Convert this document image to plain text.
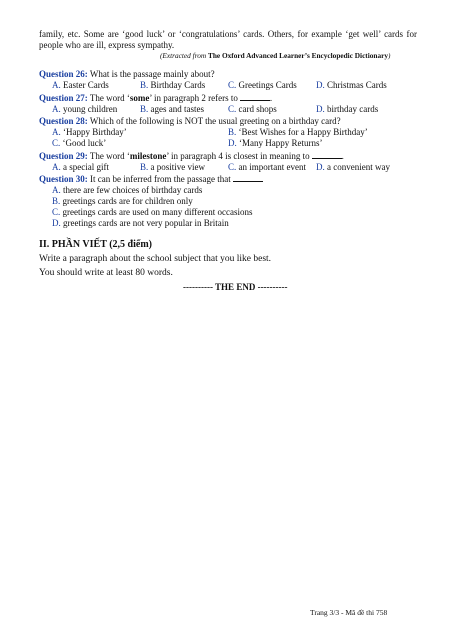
family, etc. Some are ‘good luck’ or ‘congratulations’ cards. Others, for example ‘get well’ cards for people who are ill, express sympathy.
(Extracted from The Oxford Advanced Learner’s Encyclopedic Dictionary)
Question 26: What is the passage mainly about?
A. Easter Cards	B. Birthday Cards	C. Greetings Cards D. Christmas Cards
Question 27: The word ‘some’ in paragraph 2 refers to	.
A. young children	B. ages and tastes	C. card shops	D. birthday cards
Question 28: Which of the following is NOT the usual greeting on a birthday card?
A. ‘Happy Birthday’	B. ‘Best Wishes for a Happy Birthday’
C. ‘Good luck’	D. ‘Many Happy Returns’
Question 29: The word ‘milestone’ in paragraph 4 is closest in meaning to	.
A. a special gift	B. a positive view	C. an important event D. a convenient way
Question 30: It can be inferred from the passage that
A. there are few choices of birthday cards
B. greetings cards are for children only
C. greetings cards are used on many different occasions
D. greetings cards are not very popular in Britain
II. PHẦN VIẾT (2,5 điểm)
Write a paragraph about the school subject that you like best.
You should write at least 80 words.
---------- THE END ----------
Trang 3/3 - Mã đề thi 758
